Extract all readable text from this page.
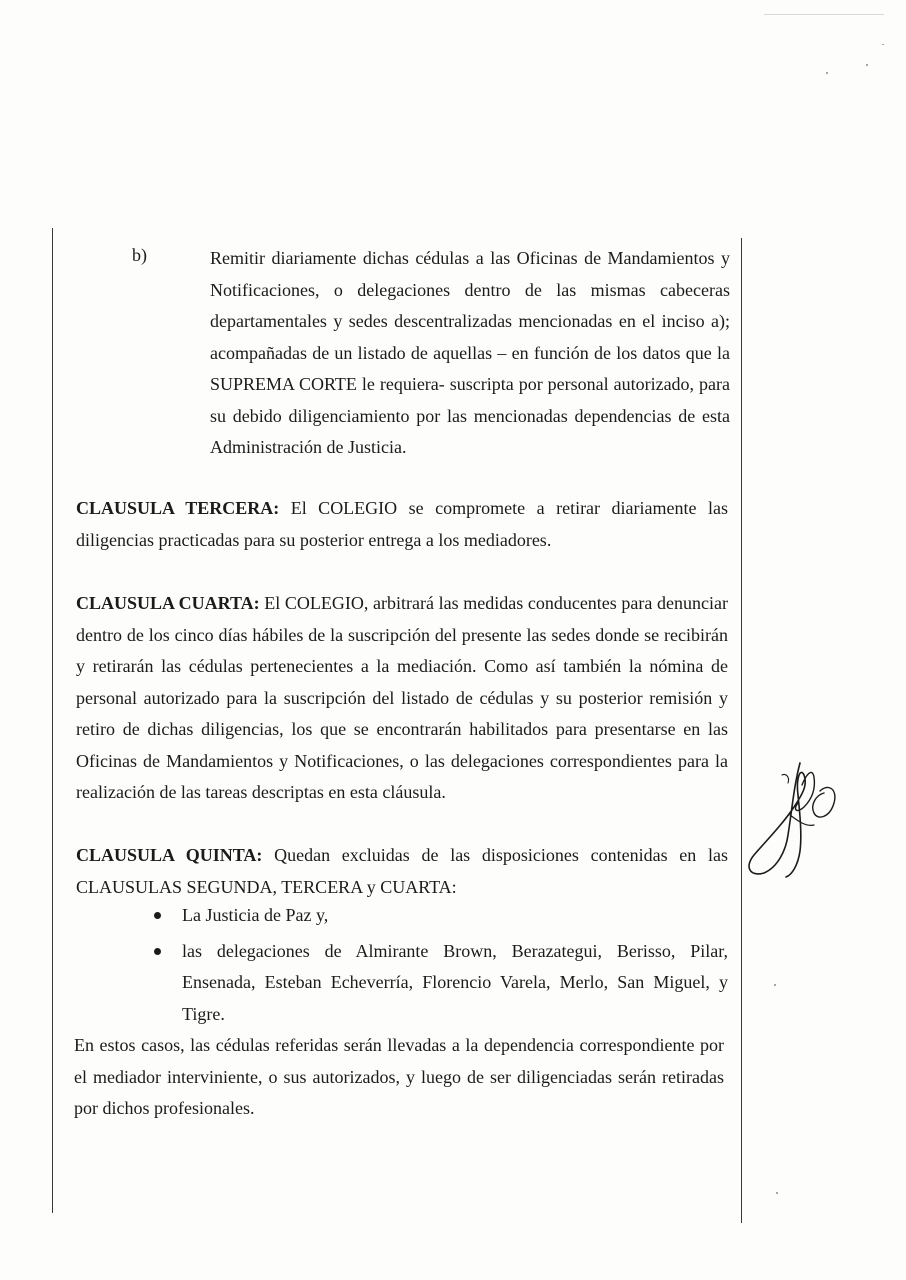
b)	Remitir diariamente dichas cédulas a las Oficinas de Mandamientos y Notificaciones, o delegaciones dentro de las mismas cabeceras departamentales y sedes descentralizadas mencionadas en el inciso a); acompañadas de un listado de aquellas – en función de los datos que la SUPREMA CORTE le requiera- suscripta por personal autorizado, para su debido diligenciamiento por las mencionadas dependencias de esta Administración de Justicia.
CLAUSULA TERCERA: El COLEGIO se compromete a retirar diariamente las diligencias practicadas para su posterior entrega a los mediadores.
CLAUSULA CUARTA: El COLEGIO, arbitrará las medidas conducentes para denunciar dentro de los cinco días hábiles de la suscripción del presente las sedes donde se recibirán y retirarán las cédulas pertenecientes a la mediación. Como así también la nómina de personal autorizado para la suscripción del listado de cédulas y su posterior remisión y retiro de dichas diligencias, los que se encontrarán habilitados para presentarse en las Oficinas de Mandamientos y Notificaciones, o las delegaciones correspondientes para la realización de las tareas descriptas en esta cláusula.
CLAUSULA QUINTA: Quedan excluidas de las disposiciones contenidas en las CLAUSULAS SEGUNDA, TERCERA y CUARTA:
La Justicia de Paz y,
las delegaciones de Almirante Brown, Berazategui, Berisso, Pilar, Ensenada, Esteban Echeverría, Florencio Varela, Merlo, San Miguel, y Tigre.
En estos casos, las cédulas referidas serán llevadas a la dependencia correspondiente por el mediador interviniente, o sus autorizados, y luego de ser diligenciadas serán retiradas por dichos profesionales.
